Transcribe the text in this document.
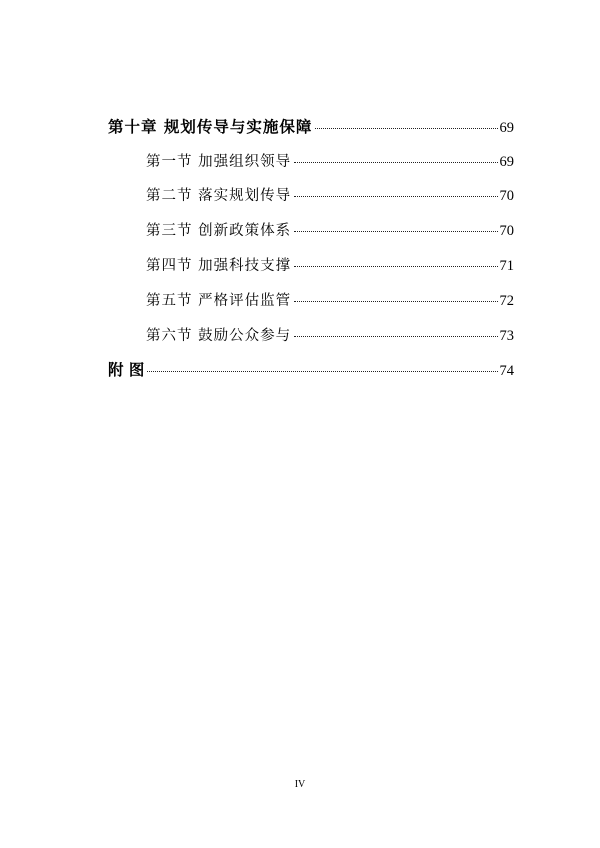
第十章 规划传导与实施保障	69
第一节 加强组织领导	69
第二节 落实规划传导	70
第三节 创新政策体系	70
第四节 加强科技支撑	71
第五节 严格评估监管	72
第六节 鼓励公众参与	73
附 图	74
IV
